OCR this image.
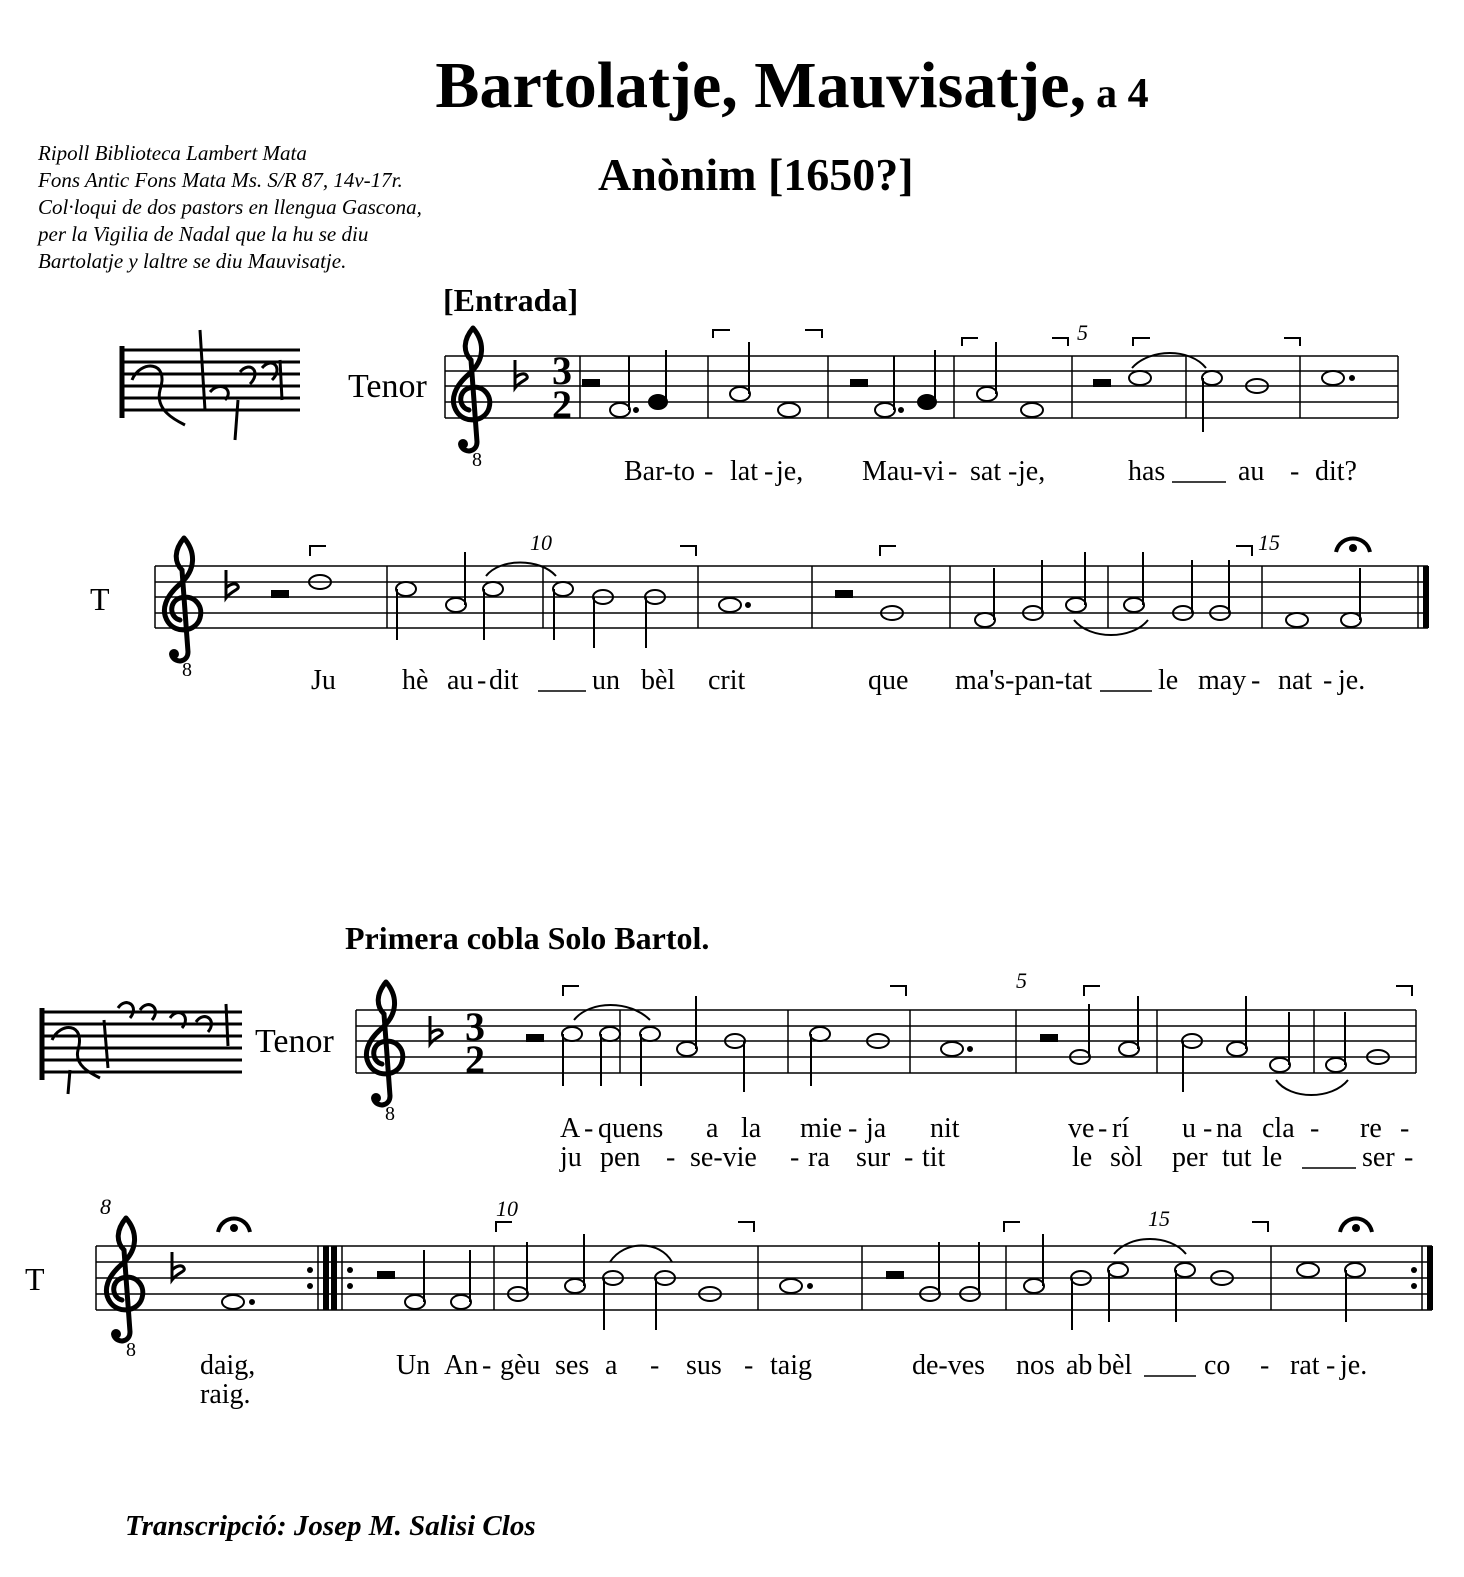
Bartolatje, Mauvisatje, a 4
Anònim [1650?]
Ripoll Biblioteca Lambert Mata
Fons Antic Fons Mata Ms. S/R 87, 14v-17r.
Col·loqui de dos pastors en llengua Gascona,
per la Vigilia de Nadal que la hu se diu
Bartolatje y laltre se diu Mauvisatje.
[Entrada]
Primera cobla Solo Bartol.
Transcripció: Josep M. Salisi Clos
Tenor
8
3
2
5
Bar-to - lat - je, Mau-vi - sat - je,	has	au - dit?
T
8
10	15
Ju hè au - dit	un bèl crit	que ma's-pan-tat le may - nat - je.
Tenor
8
3
2
5
A - quens a la mie - ja nit	ve - rí u - na cla - re -
ju pen - se-vie - ra sur - tit	le sòl per tut le	ser -
8
T
8
10	15
daig,	Un An - gèu ses a - sus - taig	de-ves nos ab bèl	co - rat - je.
raig.
